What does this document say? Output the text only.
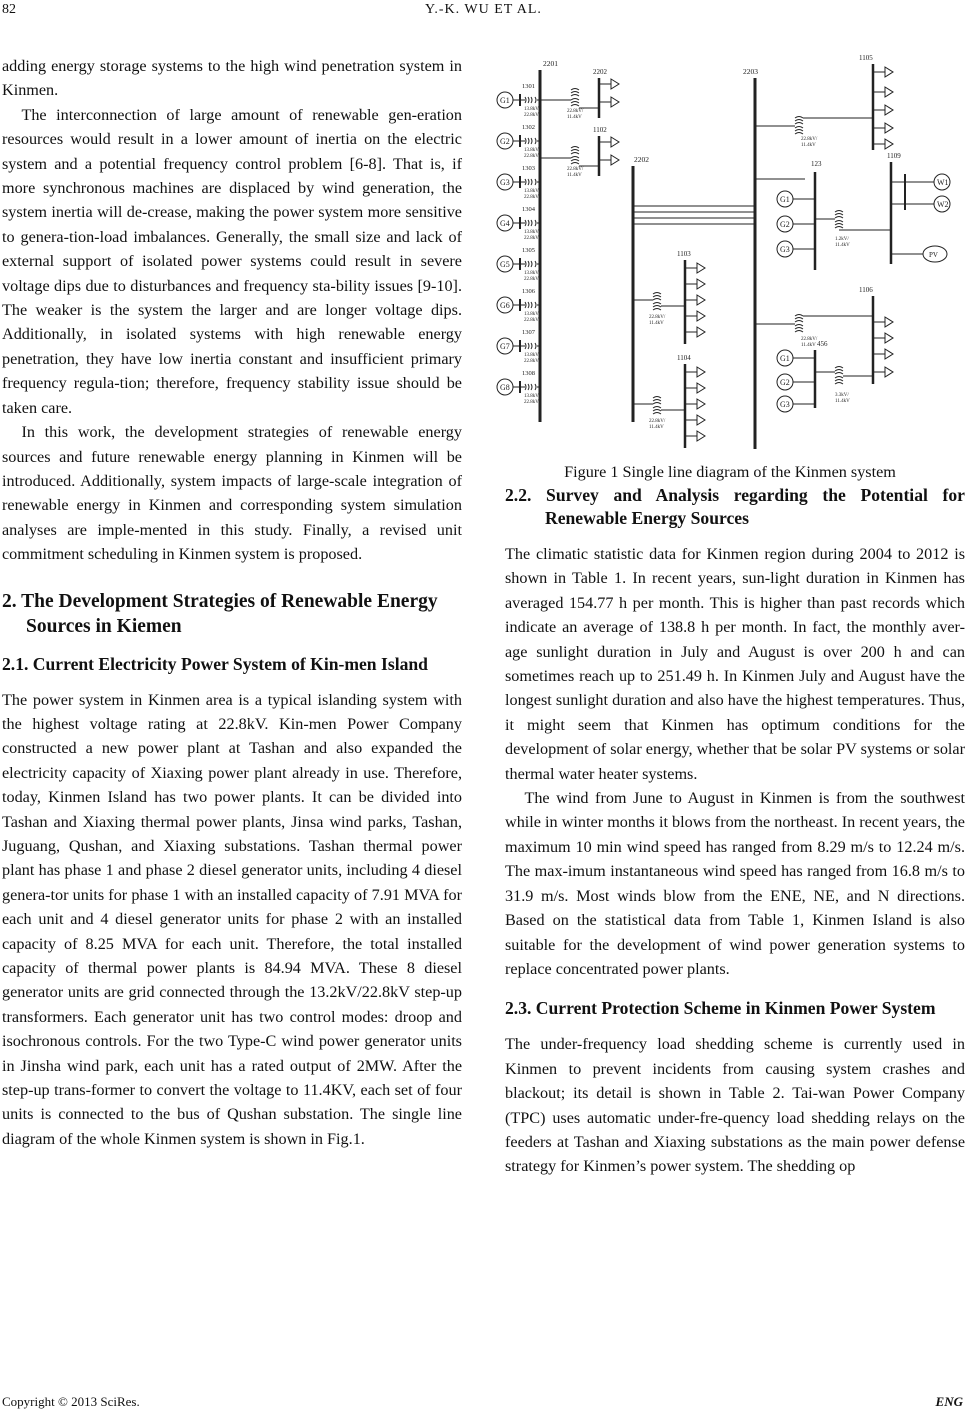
82	Y.-K. WU ET AL.

adding energy storage systems to the high wind penetration system in Kinmen.

The interconnection of large amount of renewable gen-eration resources would result in a lower amount of inertia on the electric system and a potential frequency control problem [6-8]. That is, if more synchronous machines are displaced by wind generation, the system inertia will de-crease, making the power system more sensitive to genera-tion-load imbalances. Generally, the small size and lack of external support of isolated power systems could result in severe voltage dips due to disturbances and frequency sta-bility issues [9-10]. The weaker is the system the larger and are longer voltage dips. Additionally, in isolated systems with high renewable energy penetration, they have low inertia constant and insufficient primary frequency regula-tion; therefore, frequency stability issue should be taken care.

In this work, the development strategies of renewable energy sources and future renewable energy planning in Kinmen will be introduced. Additionally, system impacts of large-scale integration of renewable energy in Kinmen and corresponding system simulation analyses are imple-mented in this study. Finally, a revised unit commitment scheduling in Kinmen system is proposed.

2. The Development Strategies of Renewable Energy Sources in Kiemen
2.1. Current Electricity Power System of Kin-men Island

The power system in Kinmen area is a typical islanding system with the highest voltage rating at 22.8kV. Kin-men Power Company constructed a new power plant at Tashan and also expanded the electricity capacity of Xiaxing power plant already in use. Therefore, today, Kinmen Island has two power plants. It can be divided into Tashan and Xiaxing thermal power plants, Jinsa wind parks, Tashan, Juguang, Qushan, and Xiaxing substations. Tashan thermal power plant has phase 1 and phase 2 diesel generator units, including 4 diesel genera-tor units for phase 1 with an installed capacity of 7.91 MVA for each unit and 4 diesel generator units for phase 2 with an installed capacity of 8.25 MVA for each unit. Therefore, the total installed capacity of thermal power plants is 84.94 MVA. These 8 diesel generator units are grid connected through the 13.2kV/22.8kV step-up transformers. Each generator unit has two control modes: droop and isochronous controls. For the two Type-C wind power generator units in Jinsha wind park, each unit has a rated output of 2MW. After the step-up trans-former to convert the voltage to 11.4KV, each set of four units is connected to the bus of Qushan substation. The single line diagram of the whole Kinmen system is shown in Fig.1.

2201
2202
2203
G1
1301
13.8kV/
22.8kV
G2
1302
13.8kV/
22.8kV
G3
1303
13.8kV/
22.8kV
G4
1304
13.8kV/
22.8kV
G5
1305
13.8kV/
22.8kV
G6
1306
13.8kV/
22.8kV
G7
1307
13.8kV/
22.8kV
G8
1308
13.8kV/
22.8kV
22.8kV/
11.4kV
2202
22.8kV/
11.4kV
1102
22.8kV/
11.4kV
1103
22.8kV/
11.4kV
1104
22.8kV/
11.4kV
1105
123
G1
G2
G3
1.2kV/
11.4kV
1109
W1
W2
PV
22.8kV/
11.4kV
1106
456
G1
G2
G3
3.3kV/
11.4kV
Figure 1 Single line diagram of the Kinmen system
2.2. Survey and Analysis regarding the Potential for Renewable Energy Sources

The climatic statistic data for Kinmen region during 2004 to 2012 is shown in Table 1. In recent years, sun-light duration in Kinmen has averaged 154.77 h per month. This is higher than past records which indicate an average of 138.8 h per month. In fact, the monthly aver-age sunlight duration in July and August is over 200 h and can sometimes reach up to 251.49 h. In Kinmen July and August have the longest sunlight duration and also have the highest temperatures. Thus, it might seem that Kinmen has optimum conditions for the development of solar energy, whether that be solar PV systems or solar thermal water heater systems.

The wind from June to August in Kinmen is from the southwest while in winter months it blows from the northeast. In recent years, the maximum 10 min wind speed has ranged from 8.29 m/s to 12.24 m/s. The max-imum instantaneous wind speed has ranged from 16.8 m/s to 31.9 m/s. Most winds blow from the ENE, NE, and N directions. Based on the statistical data from Table 1, Kinmen Island is also suitable for the development of wind power generation systems to replace concentrated power plants.

2.3. Current Protection Scheme in Kinmen Power System

The under-frequency load shedding scheme is currently used in Kinmen to prevent incidents from causing system crashes and blackout; its detail is shown in Table 2. Tai-wan Power Company (TPC) uses automatic under-fre-quency load shedding relays on the feeders at Tashan and Xiaxing substations as the main power defense strategy for Kinmen’s power system. The shedding op

Copyright © 2013 SciRes.	ENG
